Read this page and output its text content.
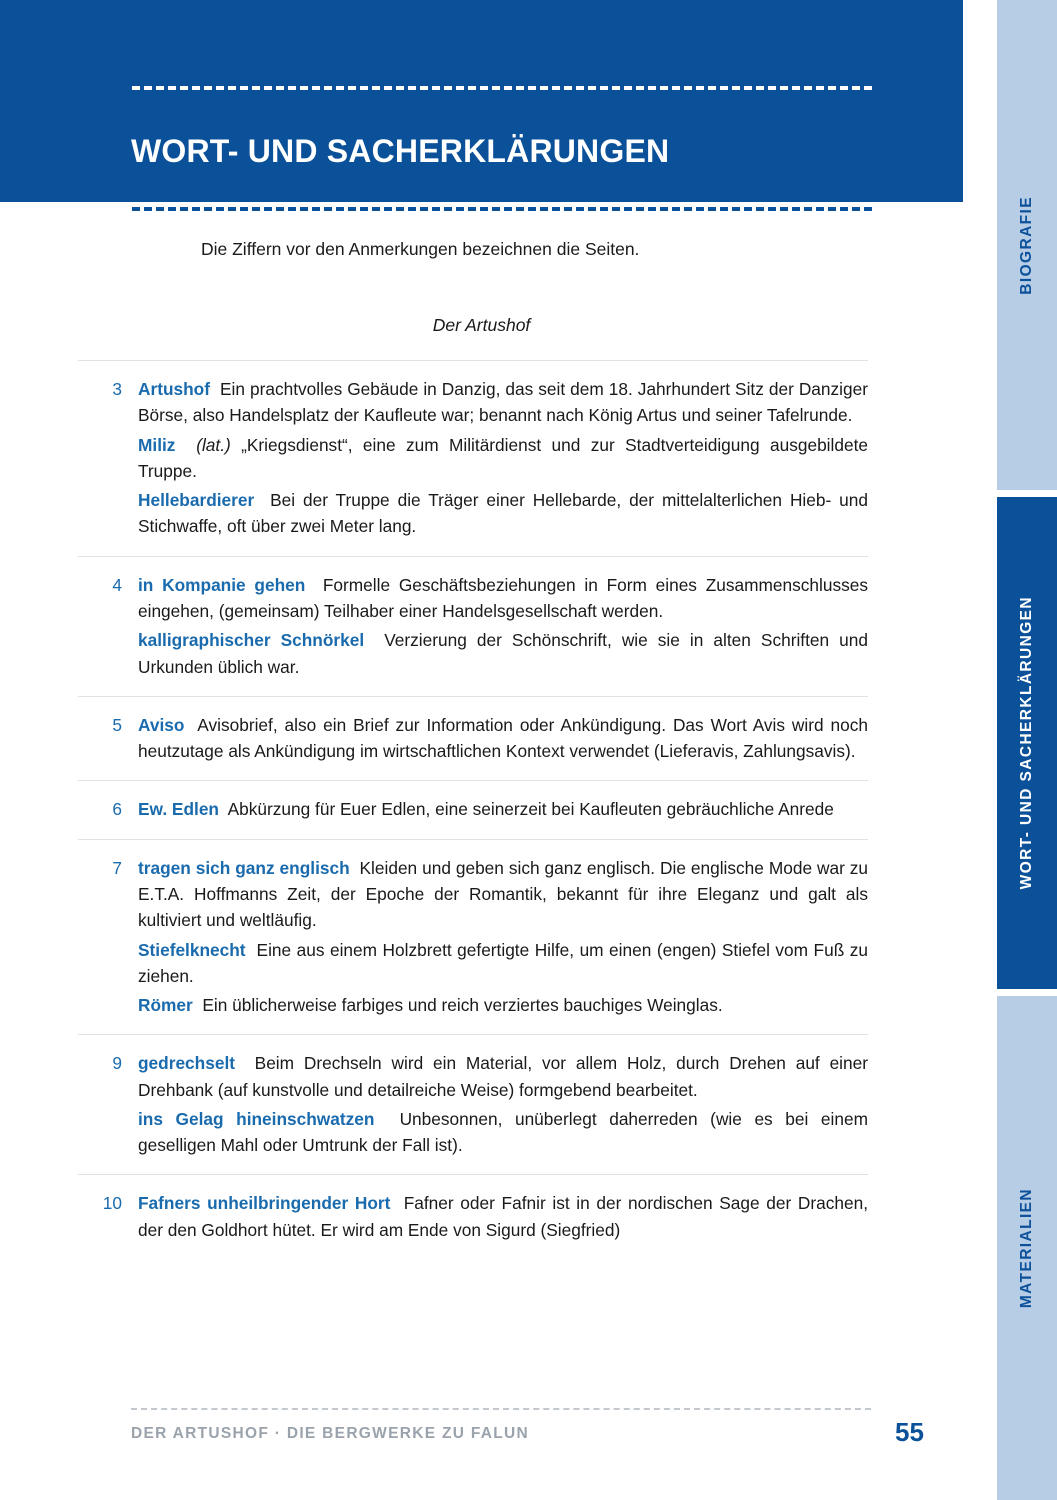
BIOGRAFIE
WORT- UND SACHERKLÄRUNGEN
MATERIALIEN
WORT- UND SACHERKLÄRUNGEN
Die Ziffern vor den Anmerkungen bezeichnen die Seiten.
Der Artushof
3 Artushof Ein prachtvolles Gebäude in Danzig, das seit dem 18. Jahrhundert Sitz der Danziger Börse, also Handelsplatz der Kaufleute war; benannt nach König Artus und seiner Tafelrunde.
Miliz (lat.) „Kriegsdienst“, eine zum Militärdienst und zur Stadtverteidigung ausgebildete Truppe.
Hellebardierer Bei der Truppe die Träger einer Hellebarde, der mittelalterlichen Hieb- und Stichwaffe, oft über zwei Meter lang.
4 in Kompanie gehen Formelle Geschäftsbeziehungen in Form eines Zusammenschlusses eingehen, (gemeinsam) Teilhaber einer Handelsgesellschaft werden.
kalligraphischer Schnörkel Verzierung der Schönschrift, wie sie in alten Schriften und Urkunden üblich war.
5 Aviso Avisobrief, also ein Brief zur Information oder Ankündigung. Das Wort Avis wird noch heutzutage als Ankündigung im wirtschaftlichen Kontext verwendet (Lieferavis, Zahlungsavis).
6 Ew. Edlen Abkürzung für Euer Edlen, eine seinerzeit bei Kaufleuten gebräuchliche Anrede
7 tragen sich ganz englisch Kleiden und geben sich ganz englisch. Die englische Mode war zu E.T.A. Hoffmanns Zeit, der Epoche der Romantik, bekannt für ihre Eleganz und galt als kultiviert und weltläufig.
Stiefelknecht Eine aus einem Holzbrett gefertigte Hilfe, um einen (engen) Stiefel vom Fuß zu ziehen.
Römer Ein üblicherweise farbiges und reich verziertes bauchiges Weinglas.
9 gedrechselt Beim Drechseln wird ein Material, vor allem Holz, durch Drehen auf einer Drehbank (auf kunstvolle und detailreiche Weise) formgebend bearbeitet.
ins Gelag hineinschwatzen Unbesonnen, unüberlegt daherreden (wie es bei einem geselligen Mahl oder Umtrunk der Fall ist).
10 Fafners unheilbringender Hort Fafner oder Fafnir ist in der nordischen Sage der Drachen, der den Goldhort hütet. Er wird am Ende von Sigurd (Siegfried)
DER ARTUSHOF · DIE BERGWERKE ZU FALUN	55
